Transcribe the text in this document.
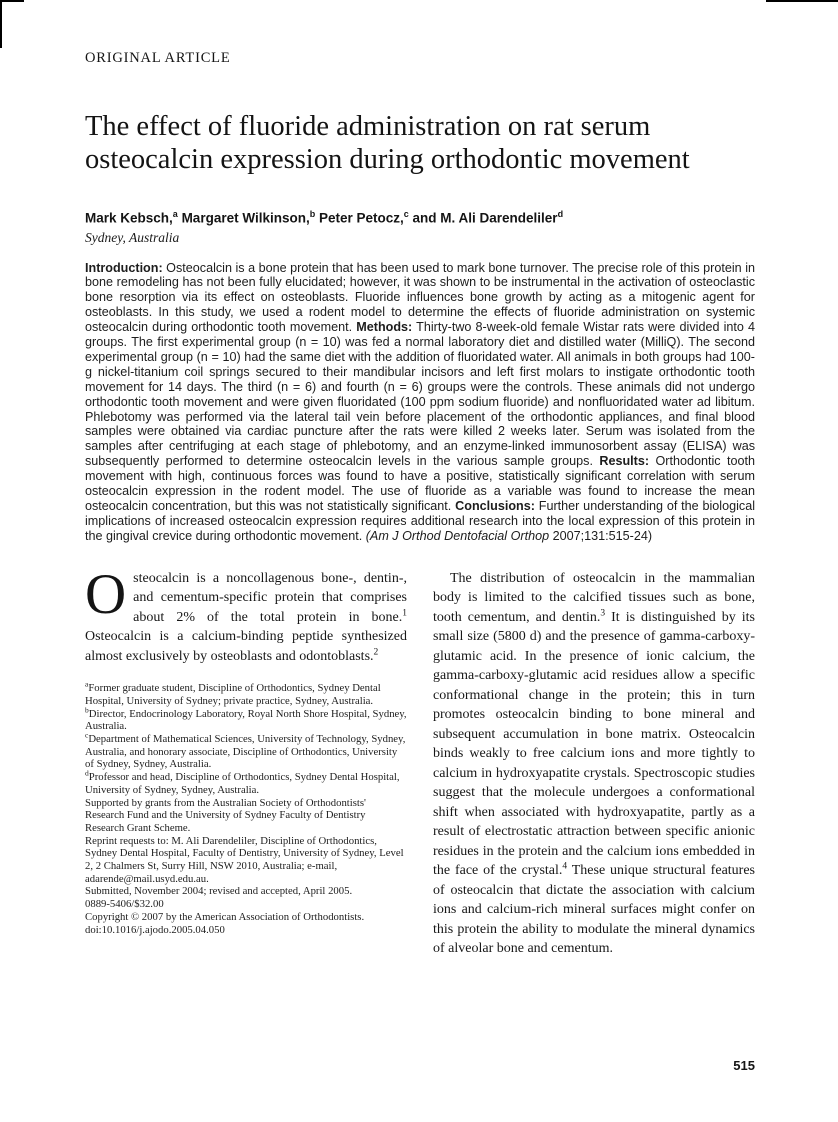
ORIGINAL ARTICLE
The effect of fluoride administration on rat serum osteocalcin expression during orthodontic movement
Mark Kebsch,$^a$ Margaret Wilkinson,$^b$ Peter Petocz,$^c$ and M. Ali Darendeliler$^d$
Sydney, Australia

Introduction: Osteocalcin is a bone protein that has been used to mark bone turnover. The precise role of this protein in bone remodeling has not been fully elucidated; however, it was shown to be instrumental in the activation of osteoclastic bone resorption via its effect on osteoblasts. Fluoride influences bone growth by acting as a mitogenic agent for osteoblasts. In this study, we used a rodent model to determine the effects of fluoride administration on systemic osteocalcin during orthodontic tooth movement. Methods: Thirty-two 8-week-old female Wistar rats were divided into 4 groups. The first experimental group (n = 10) was fed a normal laboratory diet and distilled water (MilliQ). The second experimental group (n = 10) had the same diet with the addition of fluoridated water. All animals in both groups had 100-g nickel-titanium coil springs secured to their mandibular incisors and left first molars to instigate orthodontic tooth movement for 14 days. The third (n = 6) and fourth (n = 6) groups were the controls. These animals did not undergo orthodontic tooth movement and were given fluoridated (100 ppm sodium fluoride) and nonfluoridated water ad libitum. Phlebotomy was performed via the lateral tail vein before placement of the orthodontic appliances, and final blood samples were obtained via cardiac puncture after the rats were killed 2 weeks later. Serum was isolated from the samples after centrifuging at each stage of phlebotomy, and an enzyme-linked immunosorbent assay (ELISA) was subsequently performed to determine osteocalcin levels in the various sample groups. Results: Orthodontic tooth movement with high, continuous forces was found to have a positive, statistically significant correlation with serum osteocalcin expression in the rodent model. The use of fluoride as a variable was found to increase the mean osteocalcin concentration, but this was not statistically significant. Conclusions: Further understanding of the biological implications of increased osteocalcin expression requires additional research into the local expression of this protein in the gingival crevice during orthodontic movement. (Am J Orthod Dentofacial Orthop 2007;131:515-24)

Osteocalcin is a noncollagenous bone-, dentin-, and cementum-specific protein that comprises about 2% of the total protein in bone.$^1$ Osteocalcin is a calcium-binding peptide synthesized almost exclusively by osteoblasts and odontoblasts.$^2$

$^a$Former graduate student, Discipline of Orthodontics, Sydney Dental Hospital, University of Sydney; private practice, Sydney, Australia.

$^b$Director, Endocrinology Laboratory, Royal North Shore Hospital, Sydney, Australia.

$^c$Department of Mathematical Sciences, University of Technology, Sydney, Australia, and honorary associate, Discipline of Orthodontics, University of Sydney, Sydney, Australia.

$^d$Professor and head, Discipline of Orthodontics, Sydney Dental Hospital, University of Sydney, Sydney, Australia.

Supported by grants from the Australian Society of Orthodontists' Research Fund and the University of Sydney Faculty of Dentistry Research Grant Scheme.

Reprint requests to: M. Ali Darendeliler, Discipline of Orthodontics, Sydney Dental Hospital, Faculty of Dentistry, University of Sydney, Level 2, 2 Chalmers St, Surry Hill, NSW 2010, Australia; e-mail, adarende@mail.usyd.edu.au.

Submitted, November 2004; revised and accepted, April 2005.

0889-5406/$32.00

Copyright © 2007 by the American Association of Orthodontists.

doi:10.1016/j.ajodo.2005.04.050

The distribution of osteocalcin in the mammalian body is limited to the calcified tissues such as bone, tooth cementum, and dentin.$^3$ It is distinguished by its small size (5800 d) and the presence of gamma-carboxy-glutamic acid. In the presence of ionic calcium, the gamma-carboxy-glutamic acid residues allow a specific conformational change in the protein; this in turn promotes osteocalcin binding to bone mineral and subsequent accumulation in bone matrix. Osteocalcin binds weakly to free calcium ions and more tightly to calcium in hydroxyapatite crystals. Spectroscopic studies suggest that the molecule undergoes a conformational shift when associated with hydroxyapatite, partly as a result of electrostatic attraction between specific anionic residues in the protein and the calcium ions embedded in the face of the crystal.$^4$ These unique structural features of osteocalcin that dictate the association with calcium ions and calcium-rich mineral surfaces might confer on this protein the ability to modulate the mineral dynamics of alveolar bone and cementum.

515
